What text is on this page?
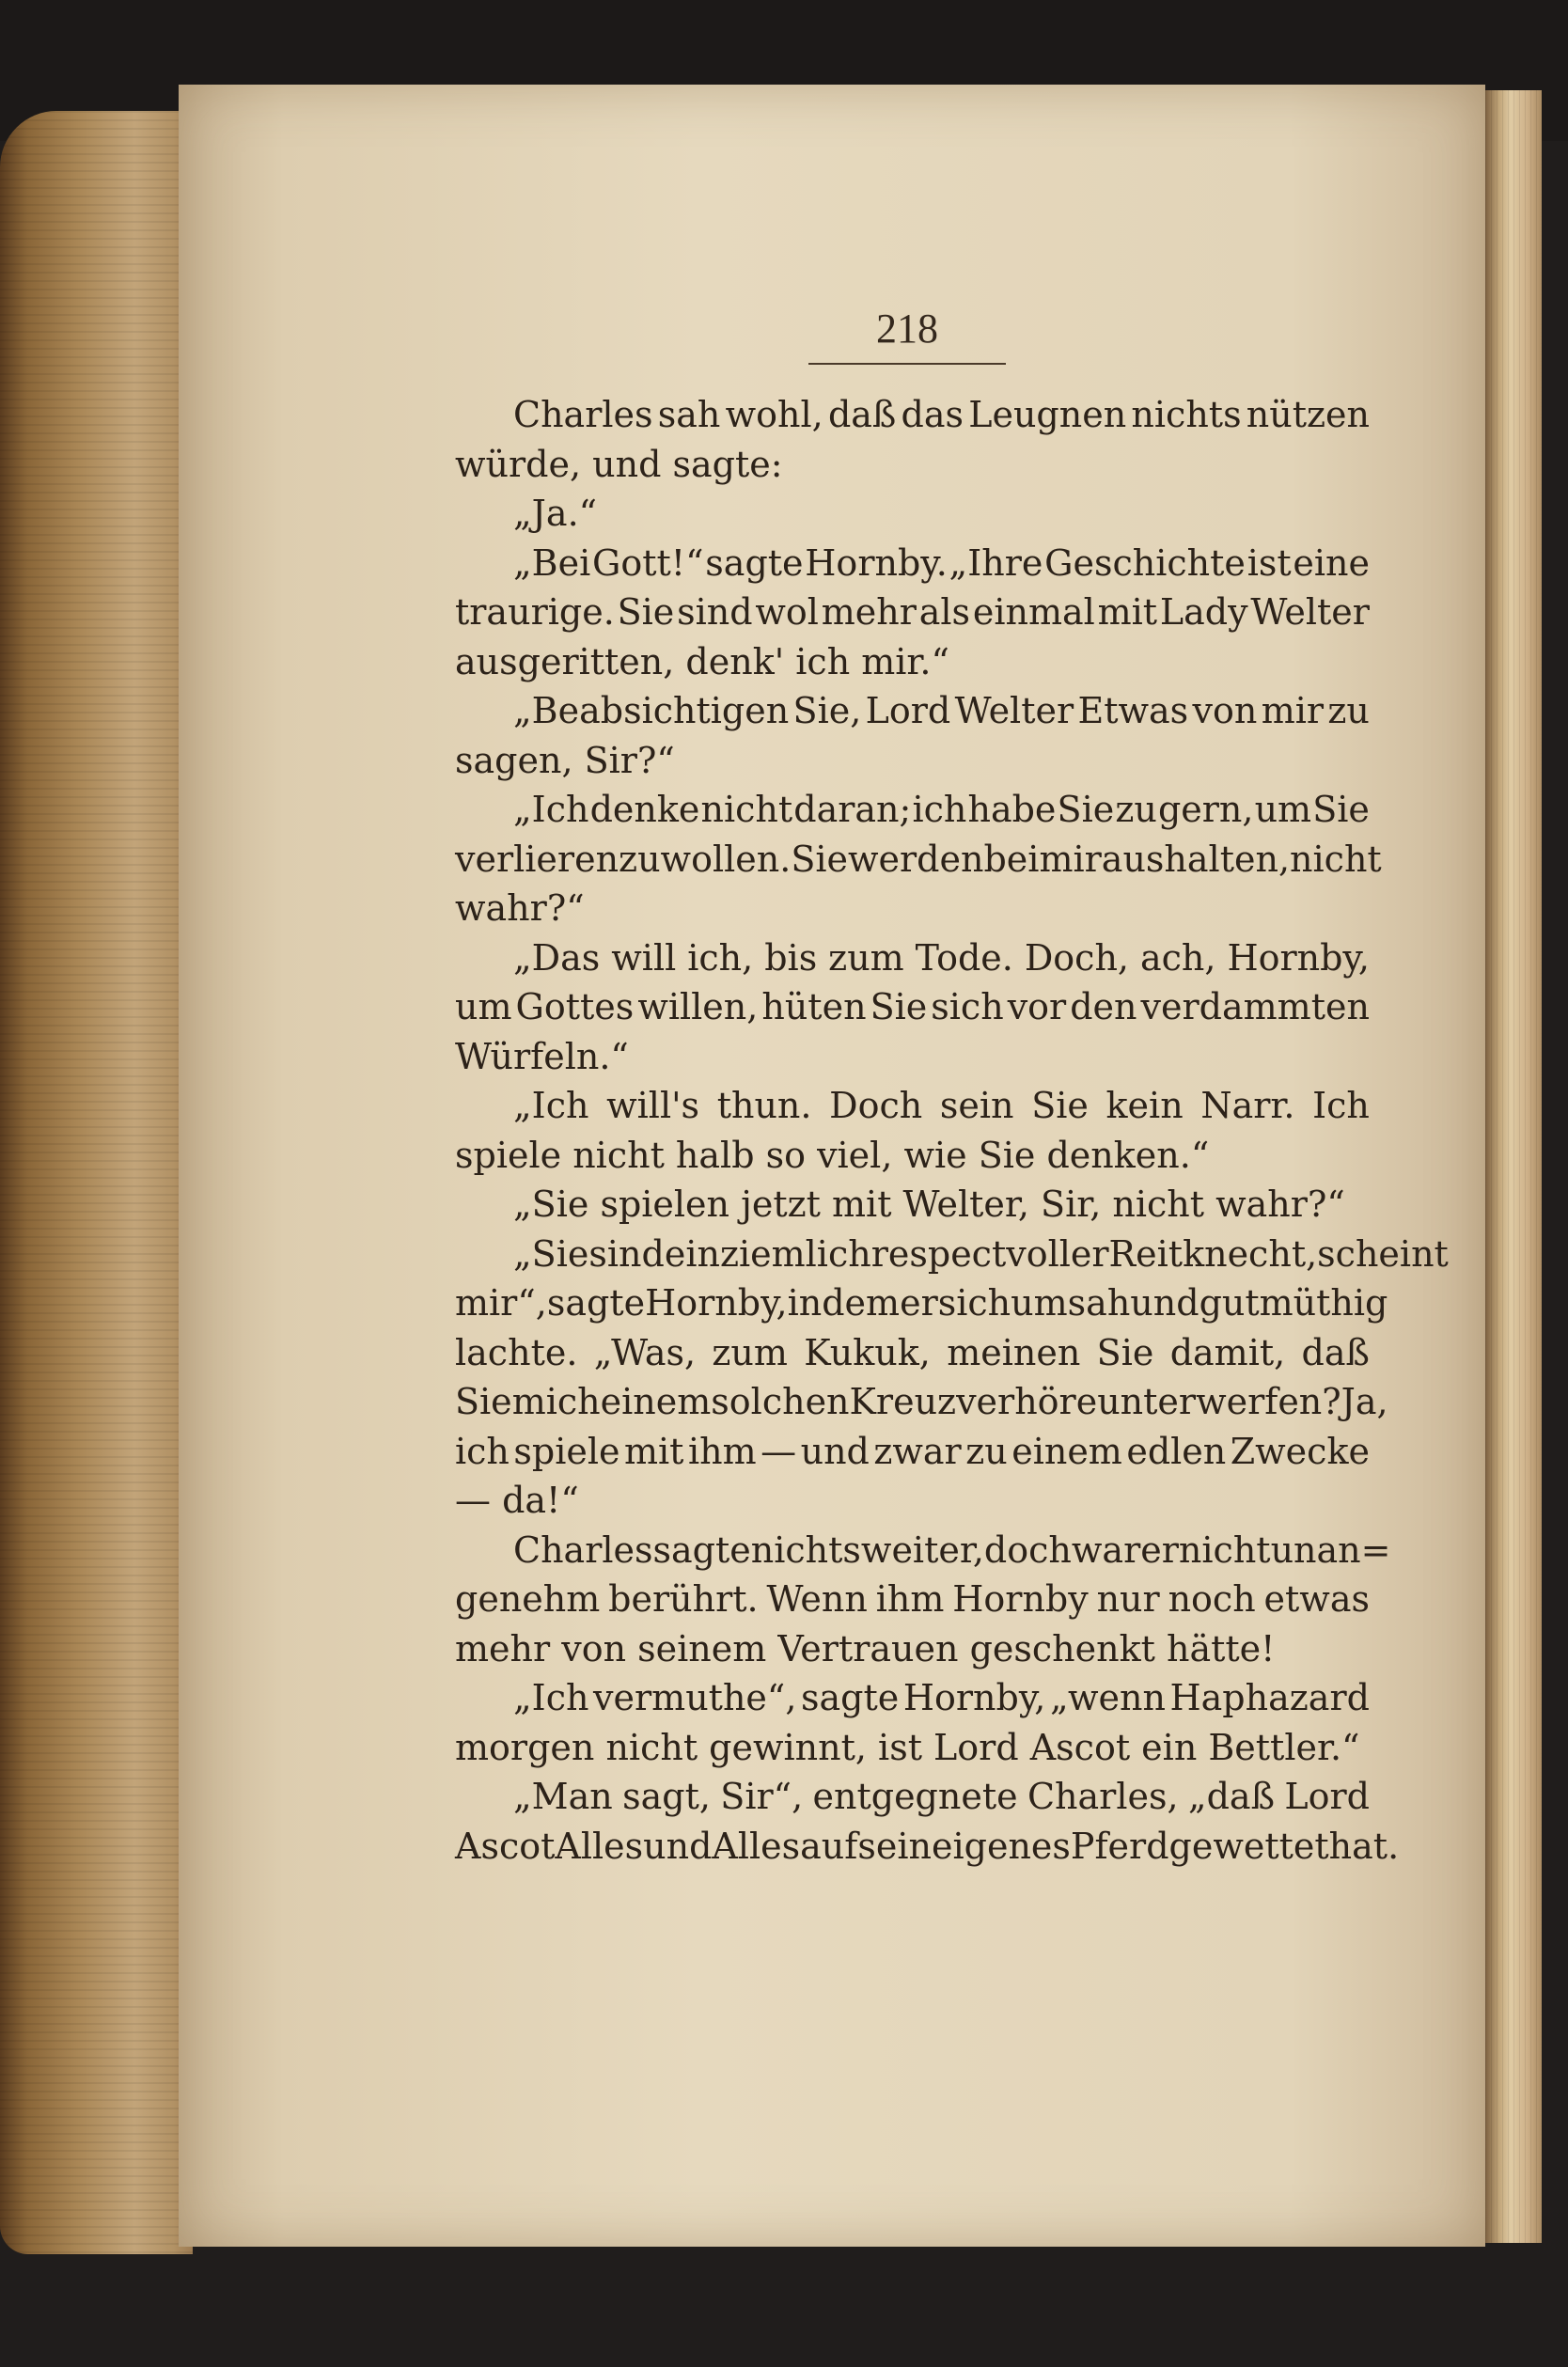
218
Charles sah wohl, daß das Leugnen nichts nützen
würde, und sagte:
„Ja.“
„Bei Gott!“ sagte Hornby. „Ihre Geschichte ist eine
traurige. Sie sind wol mehr als einmal mit Lady Welter
ausgeritten, denk' ich mir.“
„Beabsichtigen Sie, Lord Welter Etwas von mir zu
sagen, Sir?“
„Ich denke nicht daran; ich habe Sie zu gern, um Sie
verlieren zu wollen. Sie werden bei mir aushalten, nicht
wahr?“
„Das will ich, bis zum Tode. Doch, ach, Hornby,
um Gottes willen, hüten Sie sich vor den verdammten
Würfeln.“
„Ich will's thun. Doch sein Sie kein Narr. Ich
spiele nicht halb so viel, wie Sie denken.“
„Sie spielen jetzt mit Welter, Sir, nicht wahr?“
„Sie sind ein ziemlich respectvoller Reitknecht, scheint
mir“, sagte Hornby, indem er sich umsah und gutmüthig
lachte. „Was, zum Kukuk, meinen Sie damit, daß
Sie mich einem solchen Kreuzverhöre unterwerfen? Ja,
ich spiele mit ihm — und zwar zu einem edlen Zwecke
— da!“
Charles sagte nichts weiter, doch war er nicht unan=
genehm berührt. Wenn ihm Hornby nur noch etwas
mehr von seinem Vertrauen geschenkt hätte!
„Ich vermuthe“, sagte Hornby, „wenn Haphazard
morgen nicht gewinnt, ist Lord Ascot ein Bettler.“
„Man sagt, Sir“, entgegnete Charles, „daß Lord
Ascot Alles und Alles auf sein eigenes Pferd gewettet hat.
